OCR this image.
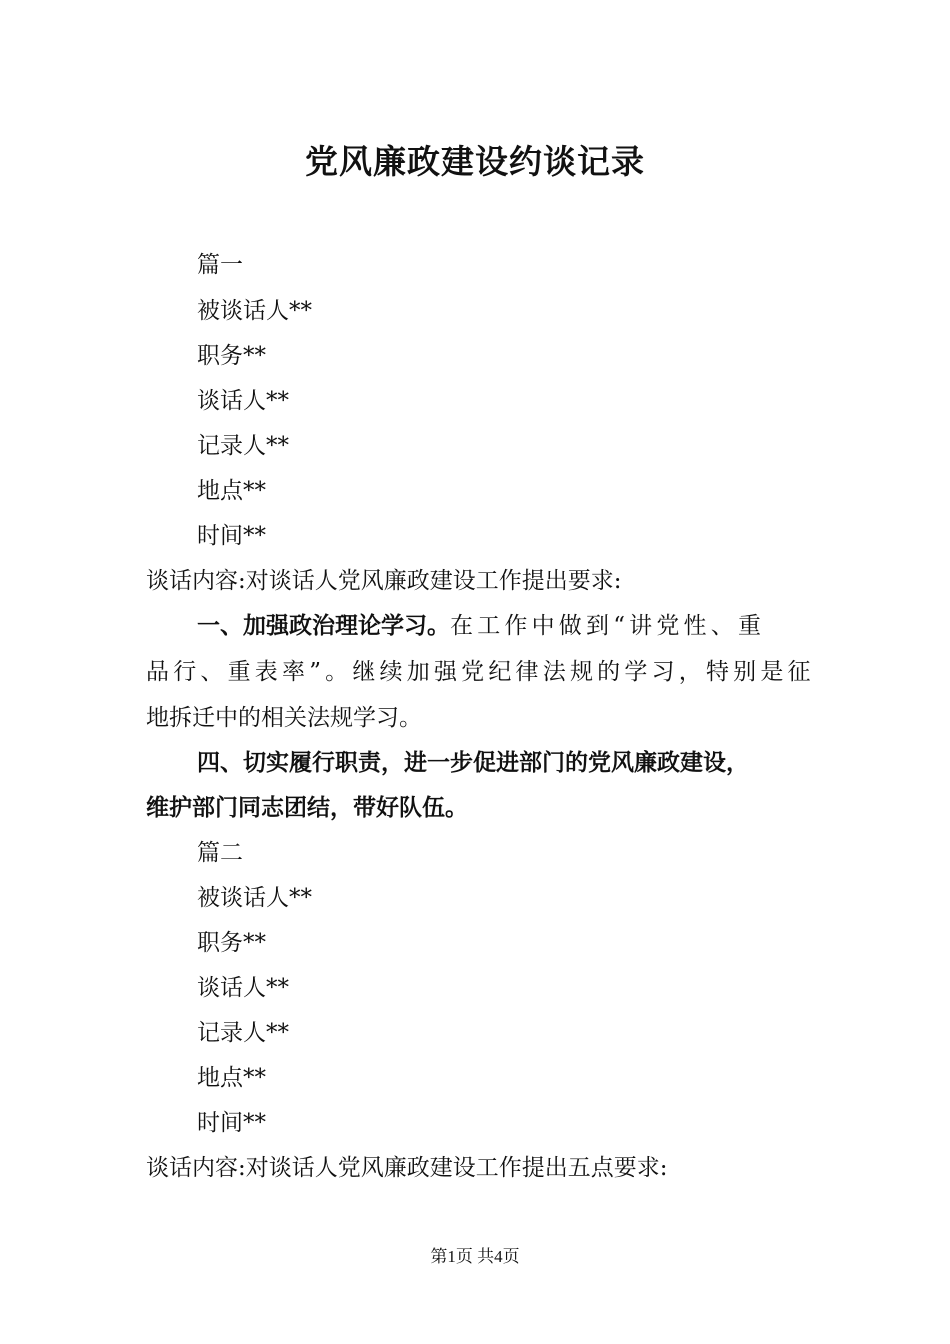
党风廉政建设约谈记录
篇一
被谈话人**
职务**
谈话人**
记录人**
地点**
时间**
谈话内容:对谈话人党风廉政建设工作提出要求:
一、加强政治理论学习。在工作中做到“讲党性、重
品行、重表率”。继续加强党纪律法规的学习，特别是征
地拆迁中的相关法规学习。
四、切实履行职责，进一步促进部门的党风廉政建设，
维护部门同志团结，带好队伍。
篇二
被谈话人**
职务**
谈话人**
记录人**
地点**
时间**
谈话内容:对谈话人党风廉政建设工作提出五点要求:
第1页 共4页
